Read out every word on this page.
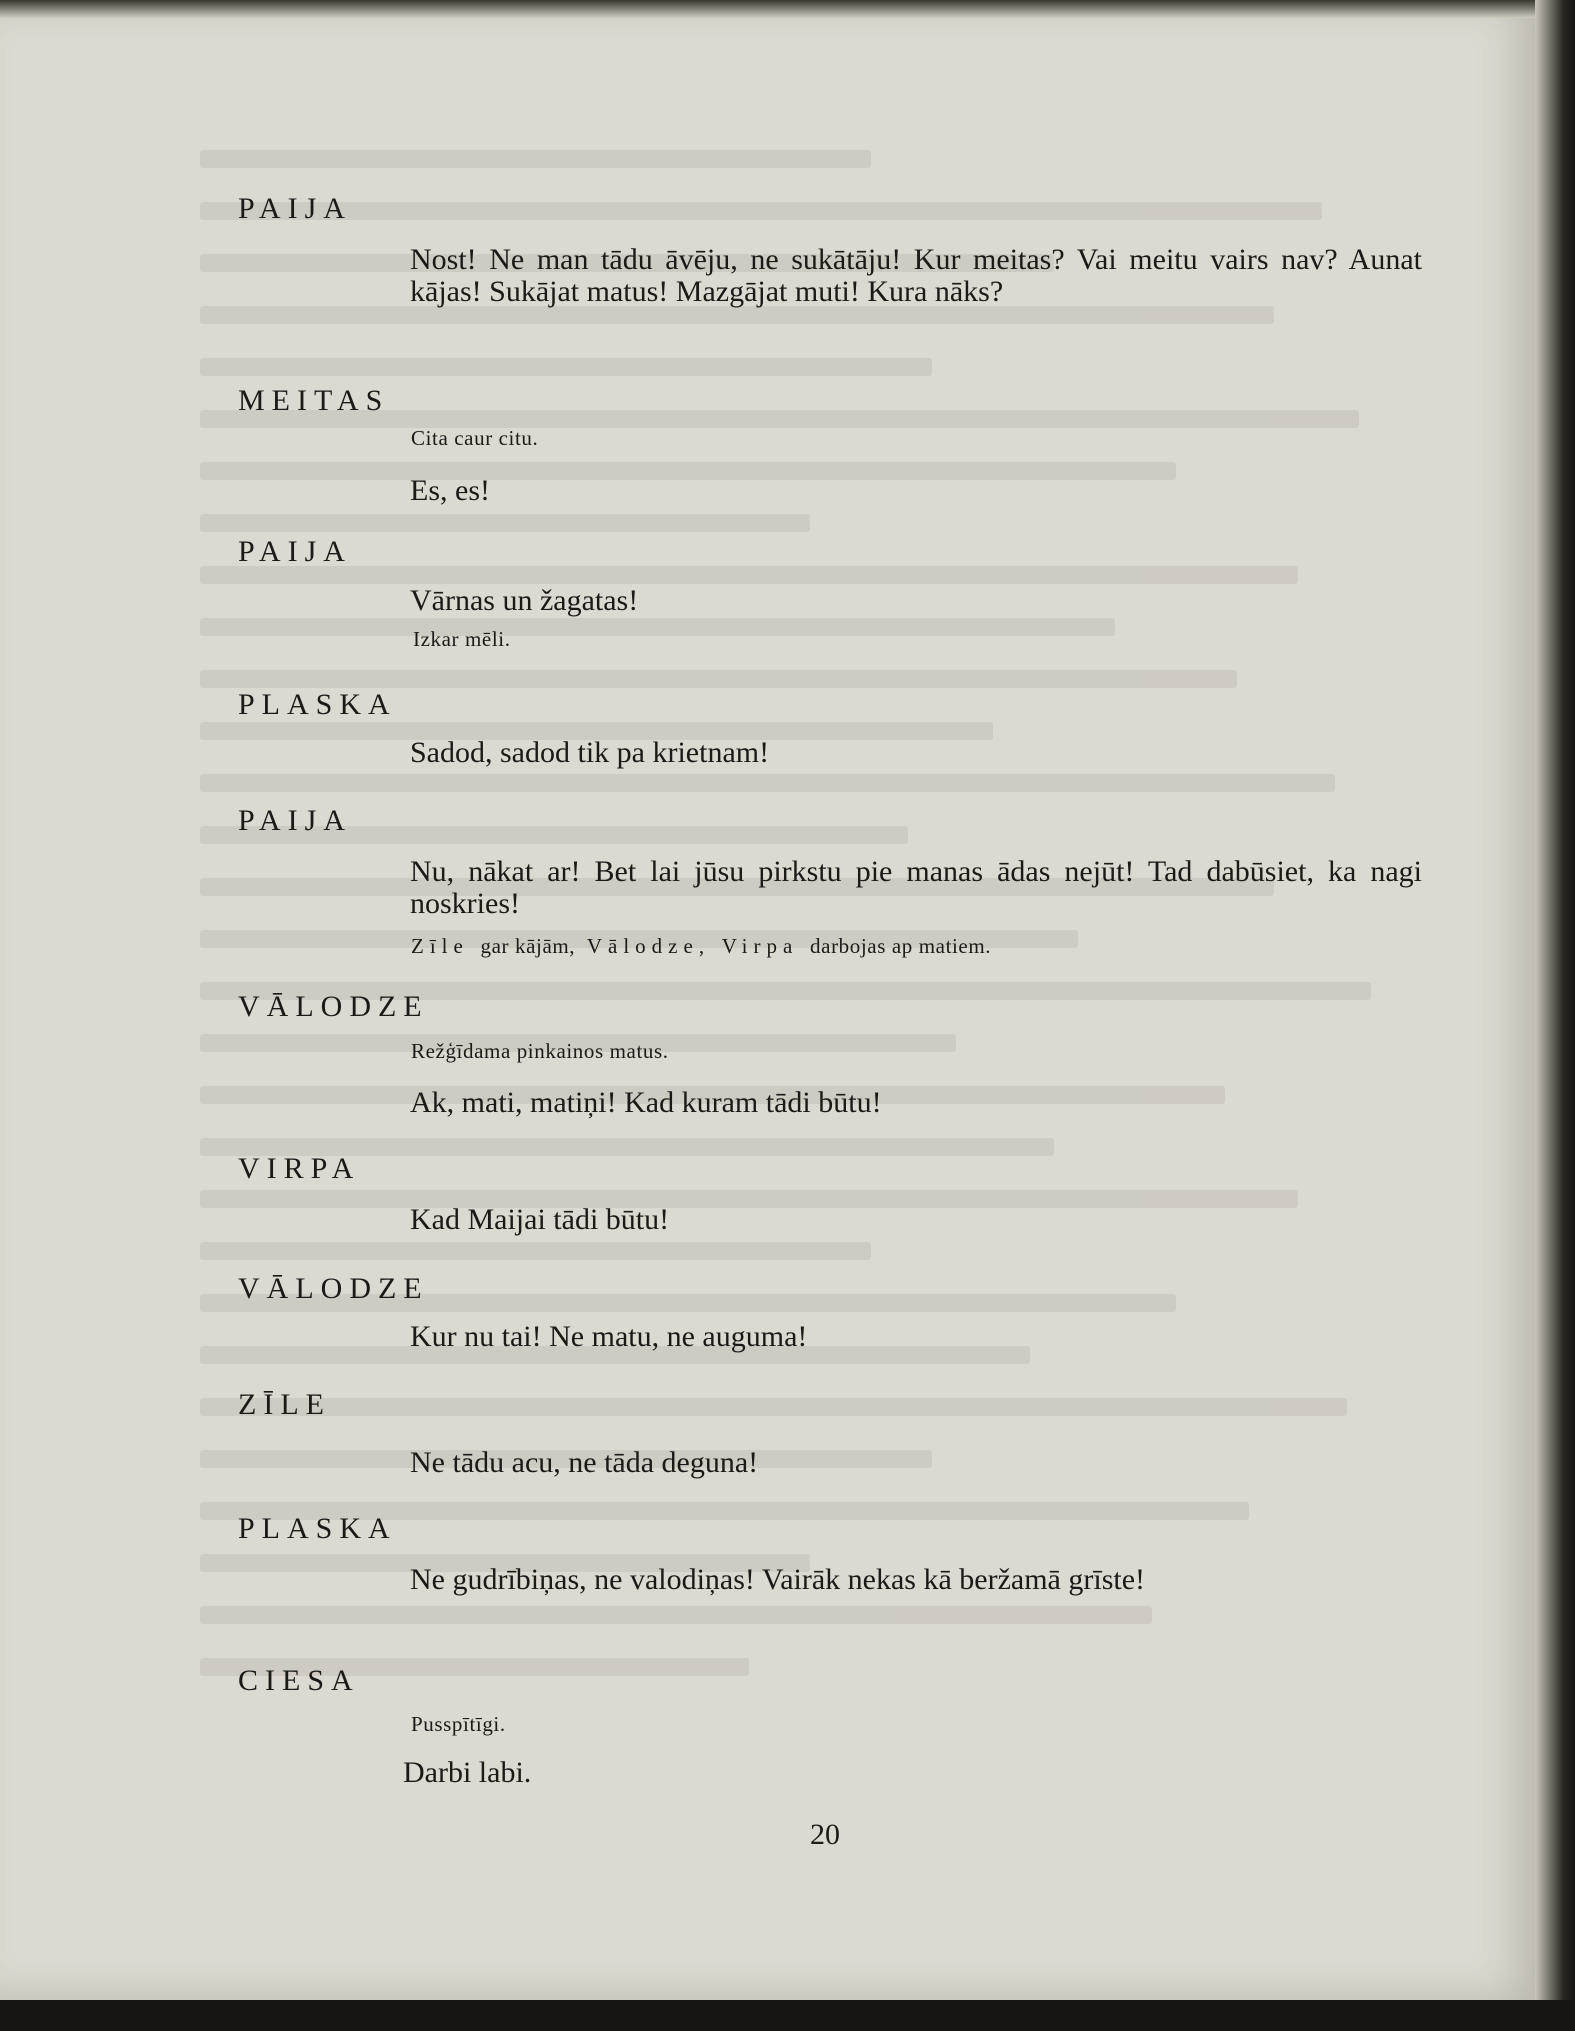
PAIJA
Nost! Ne man tādu āvēju, ne sukātāju! Kur meitas? Vai meitu vairs nav? Aunat kājas! Sukājat matus! Mazgājat muti! Kura nāks?
MEITAS
Cita caur citu.
Es, es!
PAIJA
Vārnas un žagatas!
Izkar mēli.
PLASKA
Sadod, sadod tik pa krietnam!
PAIJA
Nu, nākat ar! Bet lai jūsu pirkstu pie manas ādas nejūt! Tad dabūsiet, ka nagi noskries!
Zīle gar kājām, Vālodze, Virpa darbojas ap matiem.
VĀLODZE
Režģīdama pinkainos matus.
Ak, mati, matiņi! Kad kuram tādi būtu!
VIRPA
Kad Maijai tādi būtu!
VĀLODZE
Kur nu tai! Ne matu, ne auguma!
ZĪLE
Ne tādu acu, ne tāda deguna!
PLASKA
Ne gudrībiņas, ne valodiņas! Vairāk nekas kā beržamā grīste!
CIESA
Pusspītīgi.
Darbi labi.
20
